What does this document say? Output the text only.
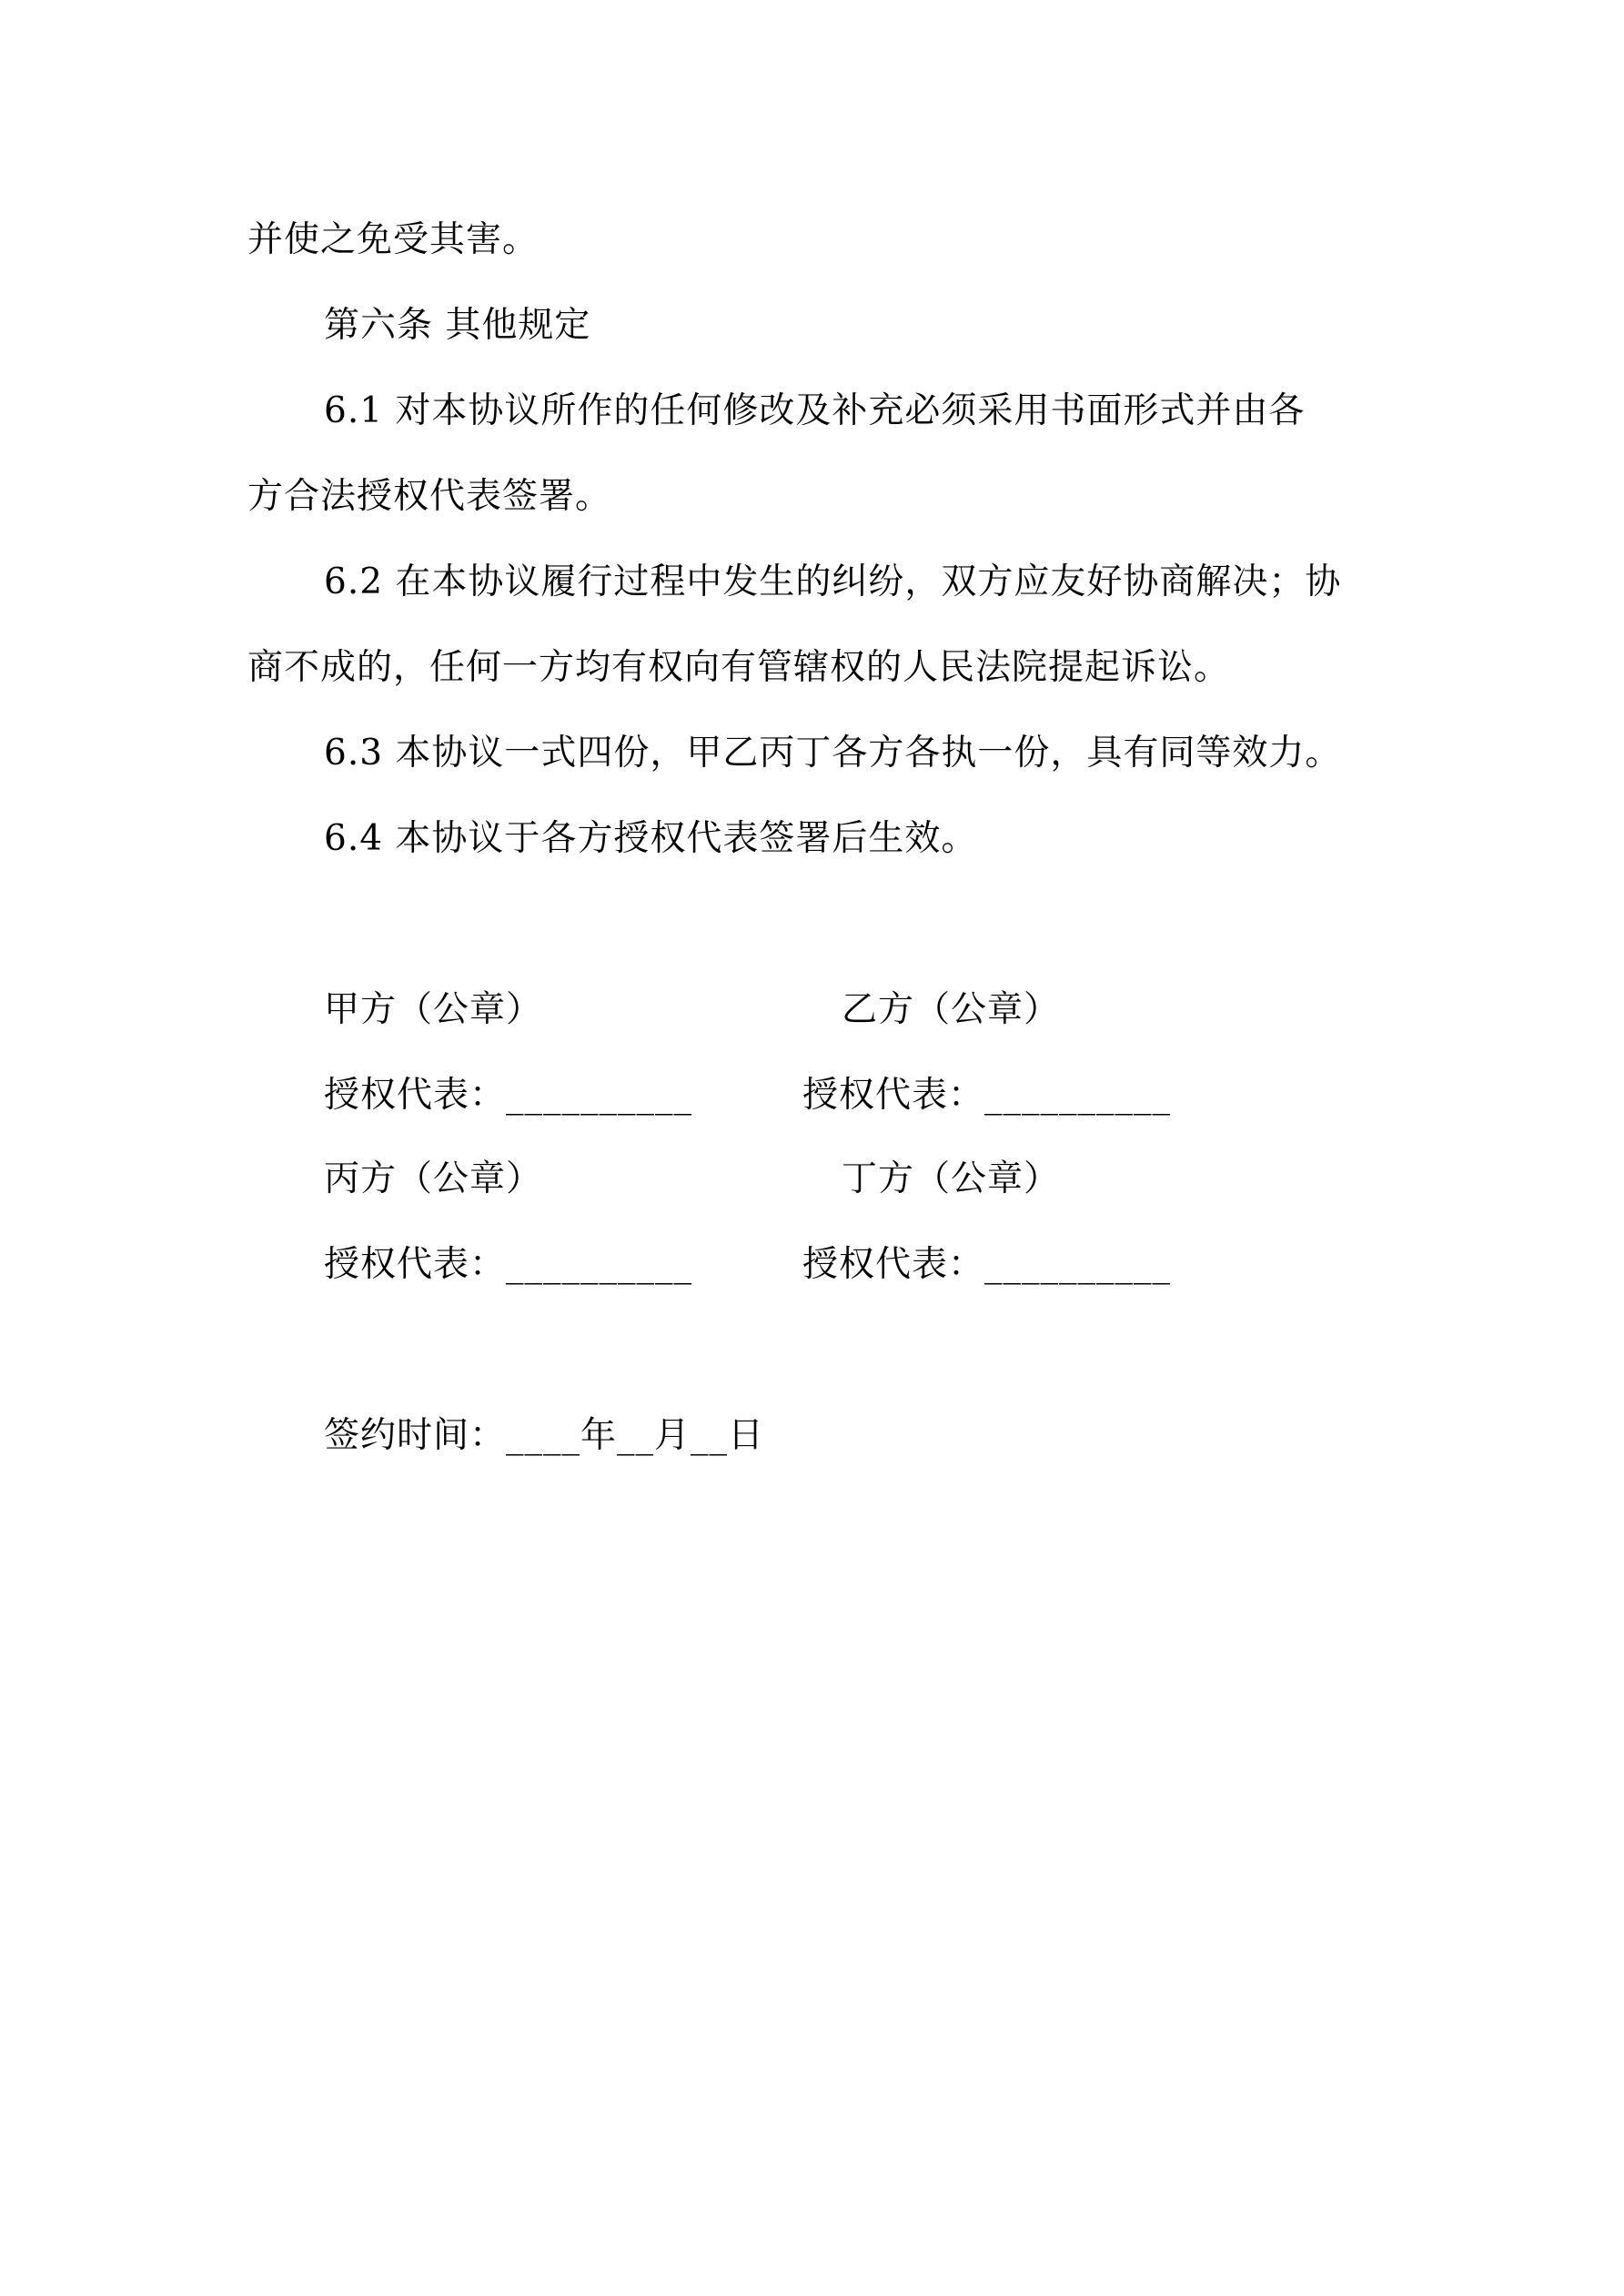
并使之免受其害。
第六条 其他规定
6.1 对本协议所作的任何修改及补充必须采用书面形式并由各
方合法授权代表签署。
6.2 在本协议履行过程中发生的纠纷，双方应友好协商解决；协
商不成的，任何一方均有权向有管辖权的人民法院提起诉讼。
6.3 本协议一式四份，甲乙丙丁各方各执一份，具有同等效力。
6.4 本协议于各方授权代表签署后生效。
甲方（公章）	乙方（公章）
授权代表：__________	授权代表：__________
丙方（公章）	丁方（公章）
授权代表：__________	授权代表：__________
签约时间：____年__月__日
